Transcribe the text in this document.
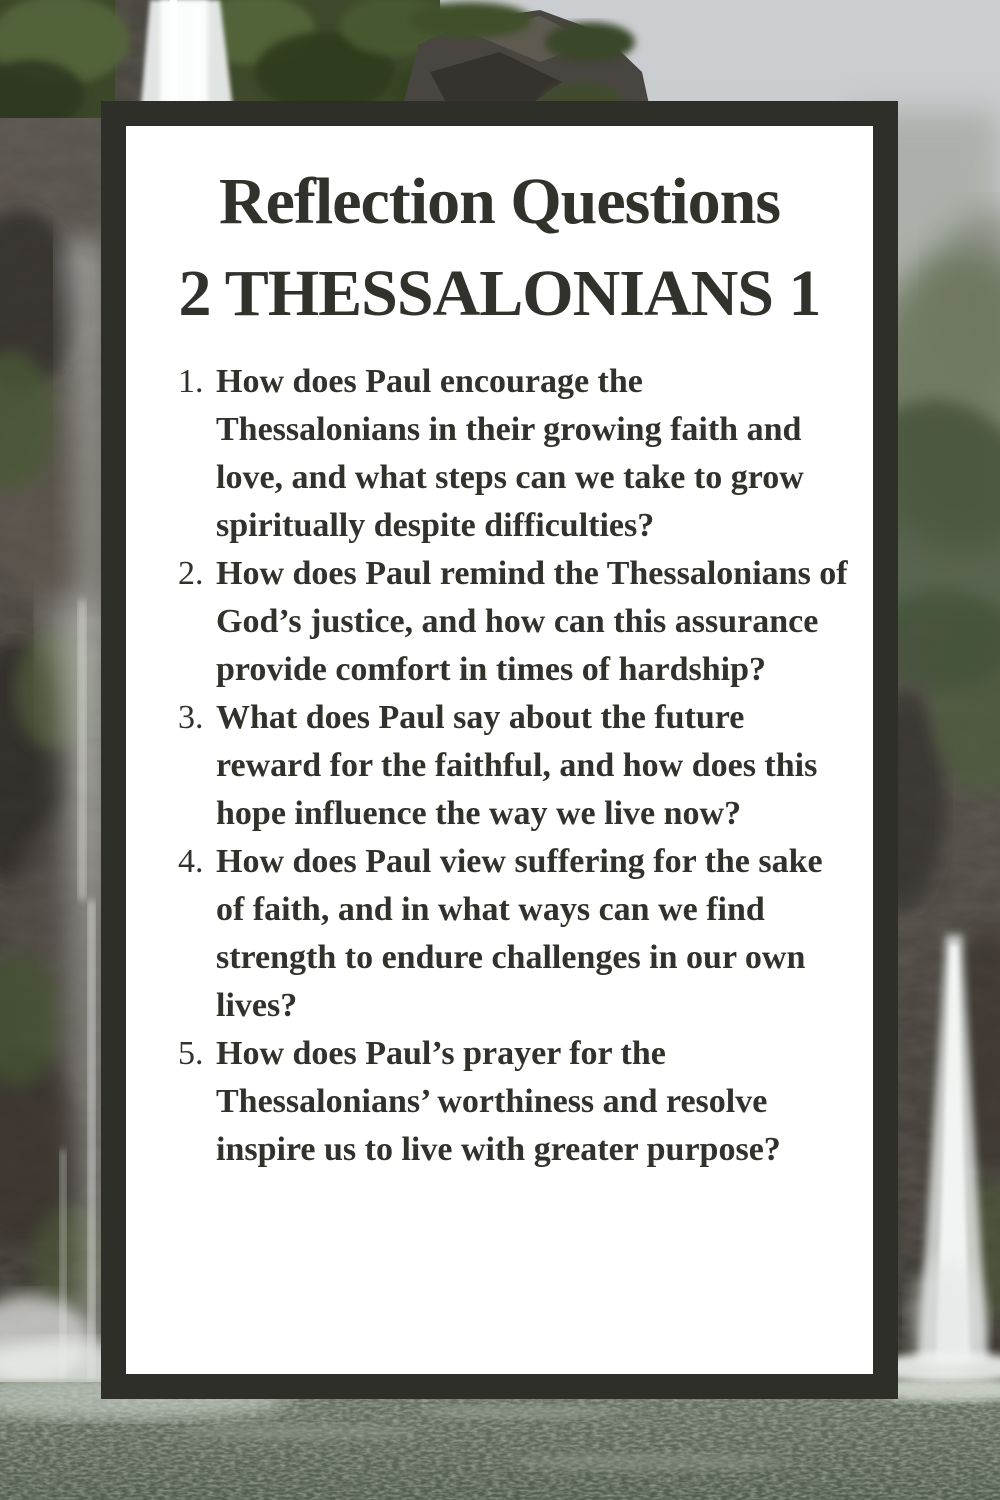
Reflection Questions
2 THESSALONIANS 1
1. How does Paul encourage the Thessalonians in their growing faith and love, and what steps can we take to grow spiritually despite difficulties?
2. How does Paul remind the Thessalonians of God’s justice, and how can this assurance provide comfort in times of hardship?
3. What does Paul say about the future reward for the faithful, and how does this hope influence the way we live now?
4. How does Paul view suffering for the sake of faith, and in what ways can we find strength to endure challenges in our own lives?
5. How does Paul’s prayer for the Thessalonians’ worthiness and resolve inspire us to live with greater purpose?
